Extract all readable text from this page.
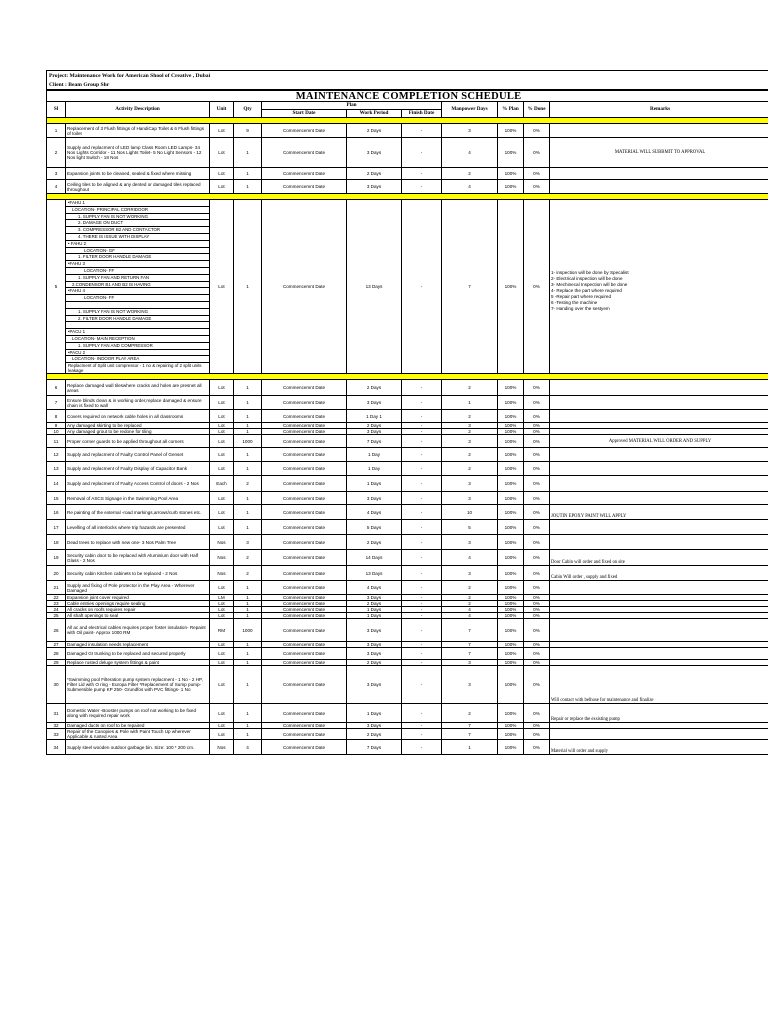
Project: Maintenance Work for American Shool of Creative , Dubai
Client : Beam Group Shr
MAINTENANCE COMPLETION SCHEDULE
Sl	Activity Description	Unit	Qty	Plan	Manpower Days	% Plan	% Done	Remarks
Start Date	Work Period	Finish Date

1	Replacement of 3 Flush fittings of HandiCap Toilet & 6 Flush fittings of toilet	Lot	9	Commencemnt Date	2 Days	-	3	100%	0%	
2	Supply and replacment of LED lamp Class Room LED Lamps- 34 Nos Lights Corridor - 11 Nos Lights Toilet- 5 No Light Sensors - 12 Nos light Switch - 18 Nos	Lot	1	Commencemnt Date	3 Days	-	4	100%	0%	MATERIAL WILL SUBBMIT TO APPROVAL
3	Expansion joints to be cleaned, sealed & fixed where missing	Lot	1	Commencemnt Date	2 Days	-	2	100%	0%	
4	Ceiling tiles to be aligned & any dented or damaged tiles replaced throughout	Lot	1	Commencemnt Date	3 Days	-	4	100%	0%	

5	
•FAHU 1
LOCATION- PRINCIPAL CORRIDOOR
1. SUPPLY FAN IS NOT WORKING
2. DAMAGE ON DUCT
3. COMPRESSOR B2 AND CONTACTOR
4. THERE IS ISSUE WITH DISPLAY
• FAHU 2
LOCATION- GF
1. FILTER DOOR HANDLE DAMAGE
•FAHU 3
LOCATION- FF
1. SUPPLY FAN AND RETURN FAN
2.CONDENSOR B1 AND B2 IS HAVING
•FAHU 4
LOCATION- FF

1. SUPPLY FAN IS NOT WORKING
2. FILTER DOOR HANDLE DAMAGE

•PACU 1
LOCATION- MAIN RECEPTION
1. SUPPLY FAN AND COMPRESSOR
•PACU 2
LOCATION- INDOOR PLAY AREA
Replacment of Split unit compressor - 1 no & repairing of 2 split units leakage
	Lot	1	Commencemnt Date	13 Days	-	7	100%	0%	
1- inspection will be done by Specalist
2- Electrical inspection will be done
3- Mechinecal Inspection will be done
4- Replace the part where required
5 -Repair part where required
6 -Testing the machine
7- Handing over the sestyem

6	Replace damaged wall tileswhere cracks and holes are presnet all areas	Lot	1	Commencemnt Date	2 Days	-	2	100%	0%	
7	Ensure blinds clean & in working order,replace damaged & ensure chain is fixed to wall	Lot	1	Commencemnt Date	3 Days	-	1	100%	0%	
8	Covers required on network cable holes in all classrooms	Lot	1	Commencemnt Date	1 Day 1	-	2	100%	0%	
9	Any damaged skirting to be replaced	Lot	1	Commencemnt Date	2 Days	-	3	100%	0%	
10	Any damaged grout to be redone for tiling	Lot	1	Commencemnt Date	3 Days	-	2	100%	0%	
11	Proper corner guards to be applied throughout all corners	Lot	1000	Commencemnt Date	7 Days	-	3	100%	0%	Approved MATERIAL WILL ORDER AND SUPPLY
12	Supply and replacment of Faulty Control Panel of Genset	Lot	1	Commencemnt Date	1 Day	-	2	100%	0%	
13	Supply and replacment of Faulty Display of Capacitor Bank	Lot	1	Commencemnt Date	1 Day	-	2	100%	0%	
14	Supply and replacment of Faulty Access Control of doors - 2 Nos	Each	2	Commencemnt Date	1 Days	-	3	100%	0%	
15	Removal of ASCS Signage in the Swimming Pool Area	Lot	1	Commencemnt Date	3 Days	-	3	100%	0%	
16	Re painting of the external -road markings,arrows/curb stones etc.	Lot	1	Commencemnt Date	4 Days	-	10	100%	0%	JOUTIN EPOXY PAINT WILL APPLY
17	Levelling of all interlocks where trip hazards are presented	Lot	1	Commencemnt Date	5 Days	-	5	100%	0%	
18	Dead trees to replace with new one- 3 Nos Palm Tree	Nos	3	Commencemnt Date	2 Days	-	3	100%	0%	
19	Security cabin door to be replaced with Aluminium door with Half Glass - 2 Nos	Nos	2	Commencemnt Date	14 Days	-	4	100%	0%	Door Cabin will order and fixed on site
20	Security cabin Kitchen cabinets to be replaced - 2 Nos	Nos	2	Commencemnt Date	13 Days	-	3	100%	0%	Cabin Will order , supply and fixed
21	Supply and fixing of Pole protector in the Play Area - Wherever Damaged	Lot	1	Commencemnt Date	4 Days	-	2	100%	0%	
22	Expansion joint cover required	LM	1	Commencemnt Date	3 Days	-	2	100%	0%	
23	Cable entries openings require sealing	Lot	1	Commencemnt Date	2 Days	-	2	100%	0%	
24	All cracks on roofs requires repair	Lot	1	Commencemnt Date	1 Days	-	4	100%	0%	
25	All shaft openings to seal	Lot	1	Commencemnt Date	1 Days	-	4	100%	0%	
26	All ac and electrical cables requires proper foster insulation- Repaint with Oil paint- Approx 1000 RM	RM	1000	Commencemnt Date	3 Days	-	7	100%	0%	
27	Damaged insulation needs replacement	Lot	1	Commencemnt Date	3 Days	-	7	100%	0%	
28	Damaged GI trunking to be replaced and secured properly	Lot	1	Commencemnt Date	3 Days	-	7	100%	0%	
29	Replace rusted deluge system fittings & paint	Lot	1	Commencemnt Date	2 Days	-	3	100%	0%	
30	*Swimming pool Filteration pump system replacment - 1 No - 2 HP, Filter Lid with O ring - Europa Filter *Replacement of Sump pump- Submersible pump KP 250- Grundfos with PVC fittings- 1 No	Lot	1	Commencemnt Date	3 Days	-	3	100%	0%	Will contact with belhose for maintenance and finalize
31	Domestic Water -Booster pumps on roof not working to be fixed along with required repair work	Lot	1	Commencemnt Date	1 Days	-	2	100%	0%	Repair or replace the exsisting pump
32	Damaged ducts on roof to be repaired	Lot	1	Commencemnt Date	3 Days	-	7	100%	0%	
33	Repair of the Canopies & Pole with Paint Touch Up wherever Applicable & rusted Area	Lot	1	Commencemnt Date	2 Days	-	7	100%	0%	
34	Supply steel wooden outdoor garbage bin. Size: 100 * 200 cm.	Nos	4	Commencemnt Date	7 Days	-	1	100%	0%	Material will order and supply
